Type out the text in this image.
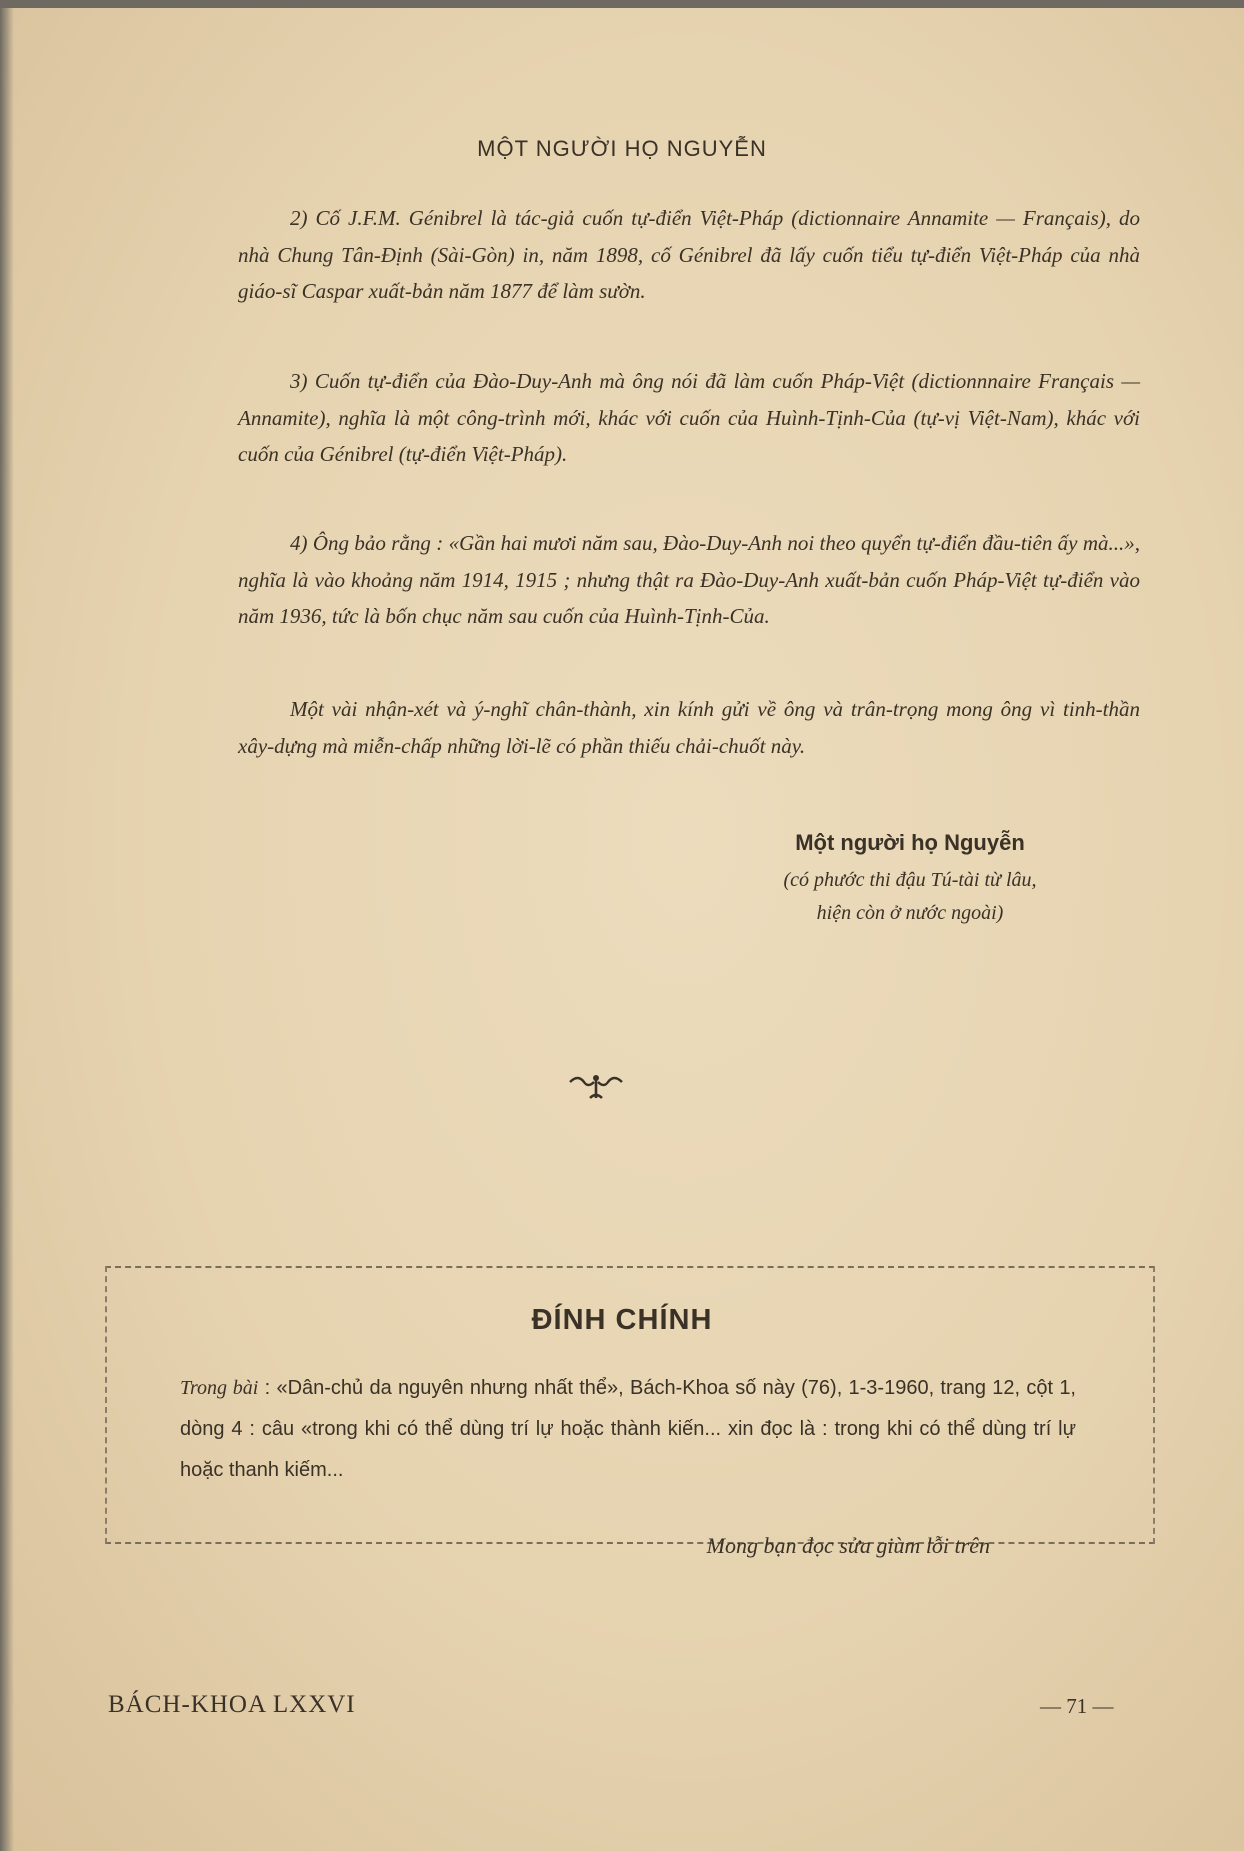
MỘT NGƯỜI HỌ NGUYỄN

2) Cố J.F.M. Génibrel là tác-giả cuốn tự-điển Việt-Pháp (dictionnaire Annamite — Français), do nhà Chung Tân-Định (Sài-Gòn) in, năm 1898, cố Génibrel đã lấy cuốn tiểu tự-điển Việt-Pháp của nhà giáo-sĩ Caspar xuất-bản năm 1877 để làm sườn.

3) Cuốn tự-điển của Đào-Duy-Anh mà ông nói đã làm cuốn Pháp-Việt (dictionnnaire Français — Annamite), nghĩa là một công-trình mới, khác với cuốn của Huình-Tịnh-Của (tự-vị Việt-Nam), khác với cuốn của Génibrel (tự-điển Việt-Pháp).

4) Ông bảo rằng : «Gần hai mươi năm sau, Đào-Duy-Anh noi theo quyển tự-điển đầu-tiên ấy mà...», nghĩa là vào khoảng năm 1914, 1915 ; nhưng thật ra Đào-Duy-Anh xuất-bản cuốn Pháp-Việt tự-điển vào năm 1936, tức là bốn chục năm sau cuốn của Huình-Tịnh-Của.

Một vài nhận-xét và ý-nghĩ chân-thành, xin kính gửi về ông và trân-trọng mong ông vì tinh-thần xây-dựng mà miễn-chấp những lời-lẽ có phần thiếu chải-chuốt này.

Một người họ Nguyễn
(có phước thi đậu Tú-tài từ lâu,
hiện còn ở nước ngoài)
ĐÍNH CHÍNH
Trong bài : «Dân-chủ da nguyên nhưng nhất thể», Bách-Khoa số này (76), 1-3-1960, trang 12, cột 1, dòng 4 : câu «trong khi có thể dùng trí lự hoặc thành kiến... xin đọc là : trong khi có thể dùng trí lự hoặc thanh kiếm...
Mong bạn đọc sửa giùm lỗi trên
BÁCH-KHOA LXXVI	— 71 —
